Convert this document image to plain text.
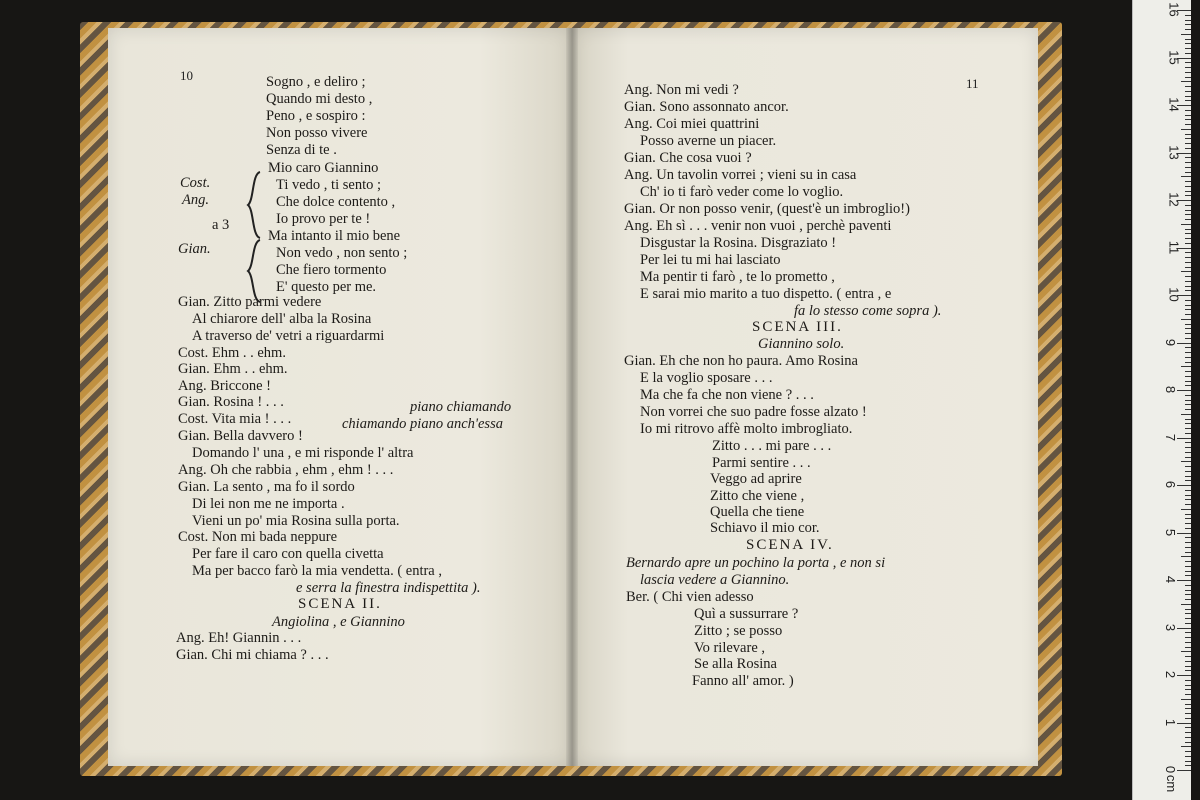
10
11
Sogno , e deliro ;
Quando mi desto ,
Peno , e sospiro :
Non posso vivere
Senza di te .
Mio caro Giannino
Ti vedo , ti sento ;
Che dolce contento ,
Io provo per te !
Ma intanto il mio bene
Non vedo , non sento ;
Che fiero tormento
E' questo per me.
Gian. Zitto parmi vedere
Al chiarore dell' alba la Rosina
A traverso de' vetri a riguardarmi
Cost. Ehm . . ehm.
Gian. Ehm . . ehm.
Ang. Briccone !
Gian. Rosina ! . . .
Cost. Vita mia ! . . .
Gian. Bella davvero !
Domando l' una , e mi risponde l' altra
Ang. Oh che rabbia , ehm , ehm ! . . .
Gian. La sento , ma fo il sordo
Di lei non me ne importa .
Vieni un po' mia Rosina sulla porta.
Cost. Non mi bada neppure
Per fare il caro con quella civetta
Ma per bacco farò la mia vendetta. ( entra ,
e serra la finestra indispettita ).
SCENA II.
Angiolina , e Giannino
Ang. Eh! Giannin . . .
Gian. Chi mi chiama ? . . .
Cost.
Ang.
a 3
Gian.
piano chiamando
chiamando piano anch'essa
Ang. Non mi vedi ?
Gian. Sono assonnato ancor.
Ang. Coi miei quattrini
Posso averne un piacer.
Gian. Che cosa vuoi ?
Ang. Un tavolin vorrei ; vieni su in casa
Ch' io ti farò veder come lo voglio.
Gian. Or non posso venir, (quest'è un imbroglio!)
Ang. Eh sì . . . venir non vuoi , perchè paventi
Disgustar la Rosina. Disgraziato !
Per lei tu mi hai lasciato
Ma pentir ti farò , te lo prometto ,
E sarai mio marito a tuo dispetto. ( entra , e
fa lo stesso come sopra ).
SCENA III.
Giannino solo.
Gian. Eh che non ho paura. Amo Rosina
E la voglio sposare . . .
Ma che fa che non viene ? . . .
Non vorrei che suo padre fosse alzato !
Io mi ritrovo affè molto imbrogliato.
Zitto . . . mi pare . . .
Parmi sentire . . .
Veggo ad aprire
Zitto che viene ,
Quella che tiene
Schiavo il mio cor.
SCENA IV.
Bernardo apre un pochino la porta , e non si
lascia vedere a Giannino.
Ber. ( Chi vien adesso
Quì a sussurrare ?
Zitto ; se posso
Vo rilevare ,
Se alla Rosina
Fanno all' amor. )
0
1
2
3
4
5
6
7
8
9
10
11
12
13
14
15
16
cm
